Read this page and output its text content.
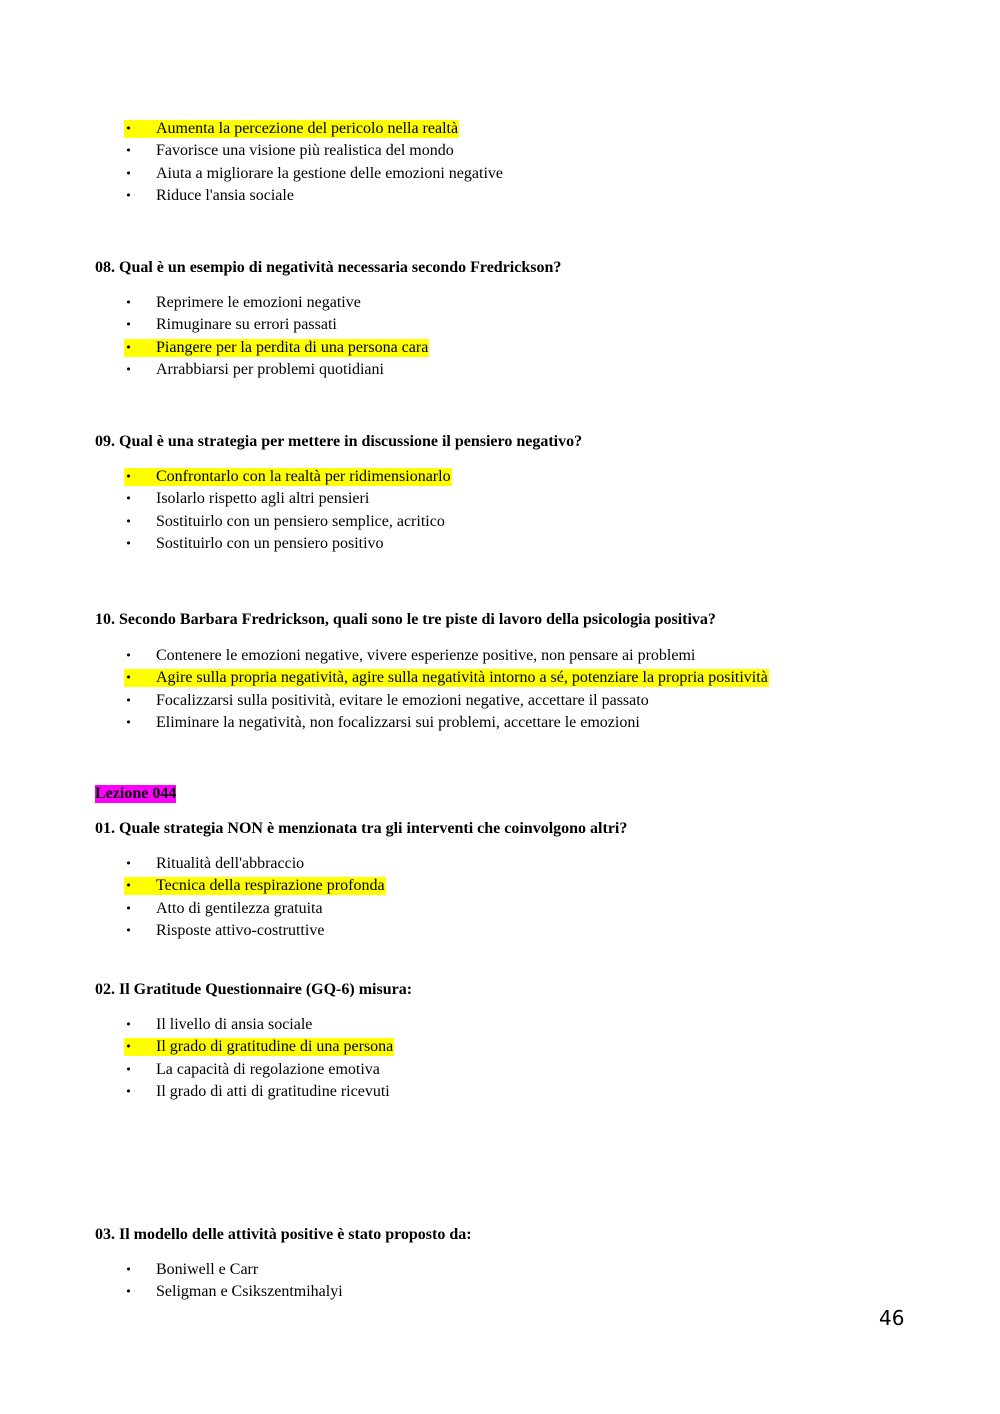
Aumenta la percezione del pericolo nella realtà
•
Favorisce una visione più realistica del mondo
•
Aiuta a migliorare la gestione delle emozioni negative
•
Riduce l'ansia sociale
•
08. Qual è un esempio di negatività necessaria secondo Fredrickson?
Reprimere le emozioni negative
•
Rimuginare su errori passati
•
Piangere per la perdita di una persona cara
•
Arrabbiarsi per problemi quotidiani
•
09. Qual è una strategia per mettere in discussione il pensiero negativo?
Confrontarlo con la realtà per ridimensionarlo
•
Isolarlo rispetto agli altri pensieri
•
Sostituirlo con un pensiero semplice, acritico
•
Sostituirlo con un pensiero positivo
•
10. Secondo Barbara Fredrickson, quali sono le tre piste di lavoro della psicologia positiva?
Contenere le emozioni negative, vivere esperienze positive, non pensare ai problemi
•
Agire sulla propria negatività, agire sulla negatività intorno a sé, potenziare la propria positività
•
Focalizzarsi sulla positività, evitare le emozioni negative, accettare il passato
•
Eliminare la negatività, non focalizzarsi sui problemi, accettare le emozioni
•
Lezione 044
01. Quale strategia NON è menzionata tra gli interventi che coinvolgono altri?
Ritualità dell'abbraccio
•
Tecnica della respirazione profonda
•
Atto di gentilezza gratuita
•
Risposte attivo-costruttive
•
02. Il Gratitude Questionnaire (GQ-6) misura:
Il livello di ansia sociale
•
Il grado di gratitudine di una persona
•
La capacità di regolazione emotiva
•
Il grado di atti di gratitudine ricevuti
•
03. Il modello delle attività positive è stato proposto da:
Boniwell e Carr
•
Seligman e Csikszentmihalyi
•
46
